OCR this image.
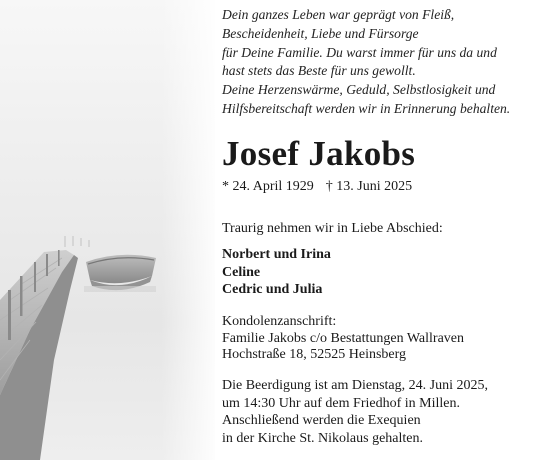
Dein ganzes Leben war geprägt von Fleiß,
Bescheidenheit, Liebe und Fürsorge
für Deine Familie. Du warst immer für uns da und
hast stets das Beste für uns gewollt.
Deine Herzenswärme, Geduld, Selbstlosigkeit und
Hilfsbereitschaft werden wir in Erinnerung behalten.
Josef Jakobs
* 24. April 1929 † 13. Juni 2025
Traurig nehmen wir in Liebe Abschied:
Norbert und Irina
Celine
Cedric und Julia
Kondolenzanschrift:
Familie Jakobs c/o Bestattungen Wallraven
Hochstraße 18, 52525 Heinsberg
Die Beerdigung ist am Dienstag, 24. Juni 2025,
um 14:30 Uhr auf dem Friedhof in Millen.
Anschließend werden die Exequien
in der Kirche St. Nikolaus gehalten.
